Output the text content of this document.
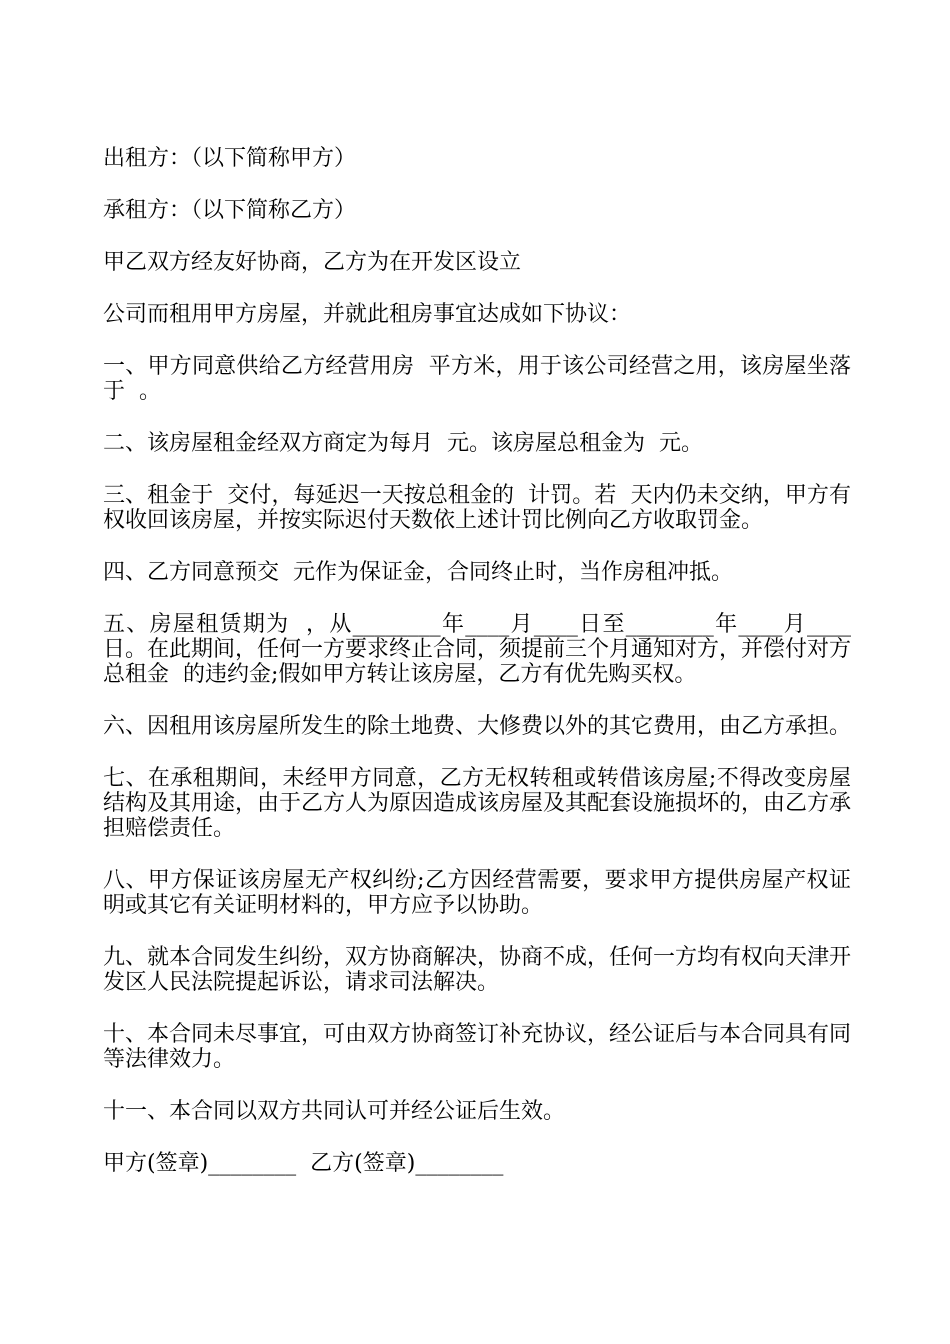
出租方：（以下简称甲方）

承租方：（以下简称乙方）

甲乙双方经友好协商，乙方为在开发区设立

公司而租用甲方房屋，并就此租房事宜达成如下协议：

一、甲方同意供给乙方经营用房  平方米，用于该公司经营之用，该房屋坐落于  。

二、该房屋租金经双方商定为每月  元。该房屋总租金为  元。

三、租金于  交付，每延迟一天按总租金的  计罚。若  天内仍未交纳，甲方有权收回该房屋，并按实际迟付天数依上述计罚比例向乙方收取罚金。

四、乙方同意预交  元作为保证金，合同终止时，当作房租冲抵。

五、房屋租赁期为  ，从________年____月____日至________年____月____日。在此期间，任何一方要求终止合同，须提前三个月通知对方，并偿付对方总租金  的违约金;假如甲方转让该房屋，乙方有优先购买权。

六、因租用该房屋所发生的除土地费、大修费以外的其它费用，由乙方承担。

七、在承租期间，未经甲方同意，乙方无权转租或转借该房屋;不得改变房屋结构及其用途，由于乙方人为原因造成该房屋及其配套设施损坏的，由乙方承担赔偿责任。

八、甲方保证该房屋无产权纠纷;乙方因经营需要，要求甲方提供房屋产权证明或其它有关证明材料的，甲方应予以协助。

九、就本合同发生纠纷，双方协商解决，协商不成，任何一方均有权向天津开发区人民法院提起诉讼，请求司法解决。

十、本合同未尽事宜，可由双方协商签订补充协议，经公证后与本合同具有同等法律效力。

十一、本合同以双方共同认可并经公证后生效。

甲方(签章)________  乙方(签章)________
